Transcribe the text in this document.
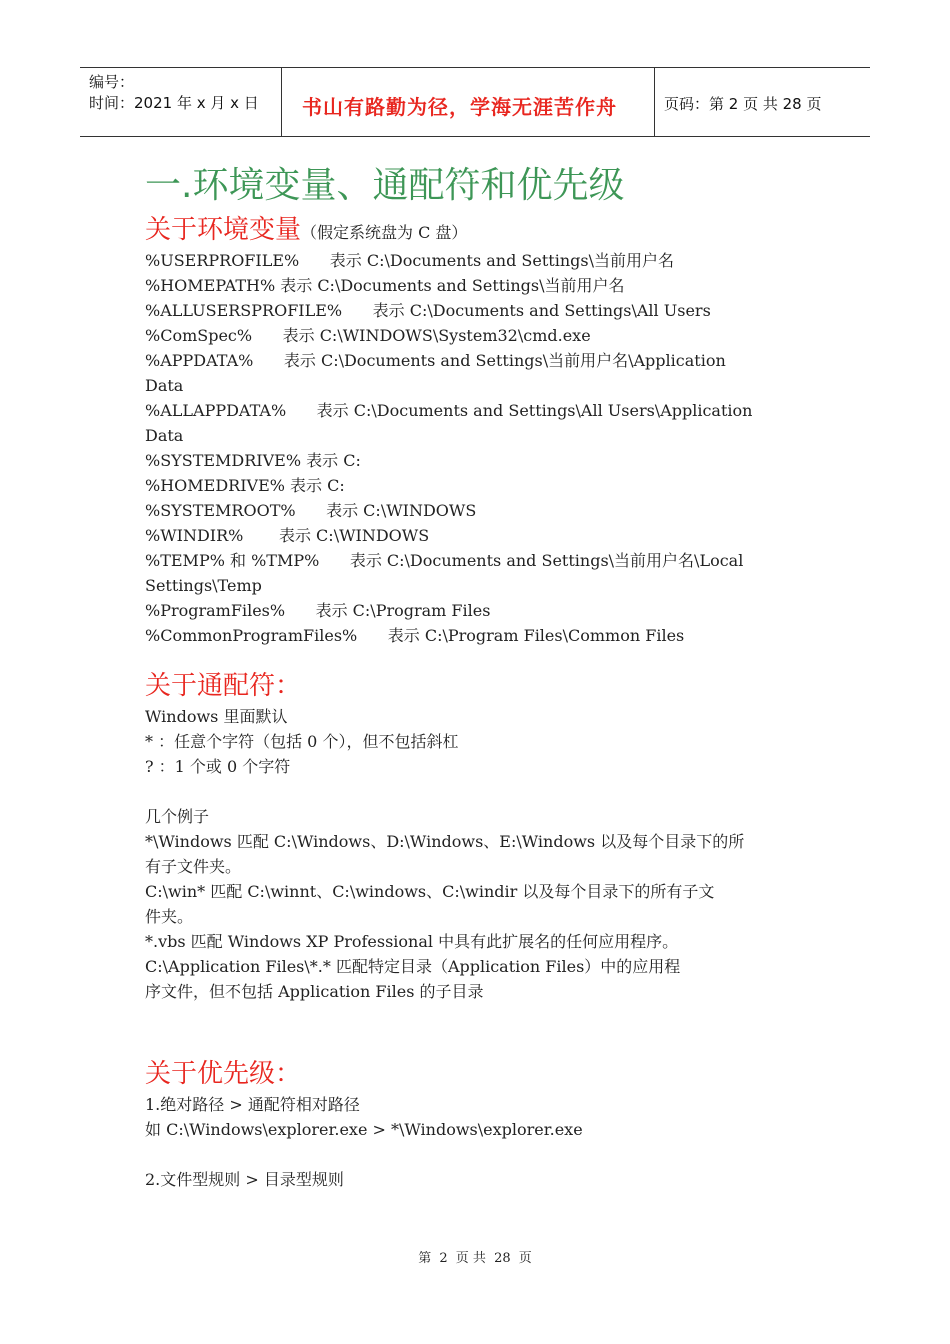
编号：
时间：2021 年 x 月 x 日 书山有路勤为径，学海无涯苦作舟	页码：第 2 页 共 28 页
一.环境变量、通配符和优先级
关于环境变量（假定系统盘为 C 盘）
%USERPROFILE%      表示 C:\Documents and Settings\当前用户名
%HOMEPATH% 表示 C:\Documents and Settings\当前用户名
%ALLUSERSPROFILE%      表示 C:\Documents and Settings\All Users
%ComSpec%      表示 C:\WINDOWS\System32\cmd.exe
%APPDATA%      表示 C:\Documents and Settings\当前用户名\Application
Data
%ALLAPPDATA%      表示 C:\Documents and Settings\All Users\Application
Data
%SYSTEMDRIVE% 表示 C:
%HOMEDRIVE% 表示 C:
%SYSTEMROOT%      表示 C:\WINDOWS
%WINDIR%       表示 C:\WINDOWS
%TEMP% 和 %TMP%      表示 C:\Documents and Settings\当前用户名\Local
Settings\Temp
%ProgramFiles%      表示 C:\Program Files
%CommonProgramFiles%      表示 C:\Program Files\Common Files
关于通配符：
Windows 里面默认
* ：任意个字符（包括 0 个），但不包括斜杠
? ：1 个或 0 个字符
几个例子
*\Windows 匹配 C:\Windows、D:\Windows、E:\Windows 以及每个目录下的所
有子文件夹。
C:\win* 匹配 C:\winnt、C:\windows、C:\windir 以及每个目录下的所有子文
件夹。
*.vbs 匹配 Windows XP Professional 中具有此扩展名的任何应用程序。
C:\Application Files\*.* 匹配特定目录（Application Files）中的应用程
序文件，但不包括 Application Files 的子目录
关于优先级：
1.绝对路径 > 通配符相对路径
如 C:\Windows\explorer.exe > *\Windows\explorer.exe
2.文件型规则 > 目录型规则
第 2 页 共 28 页
